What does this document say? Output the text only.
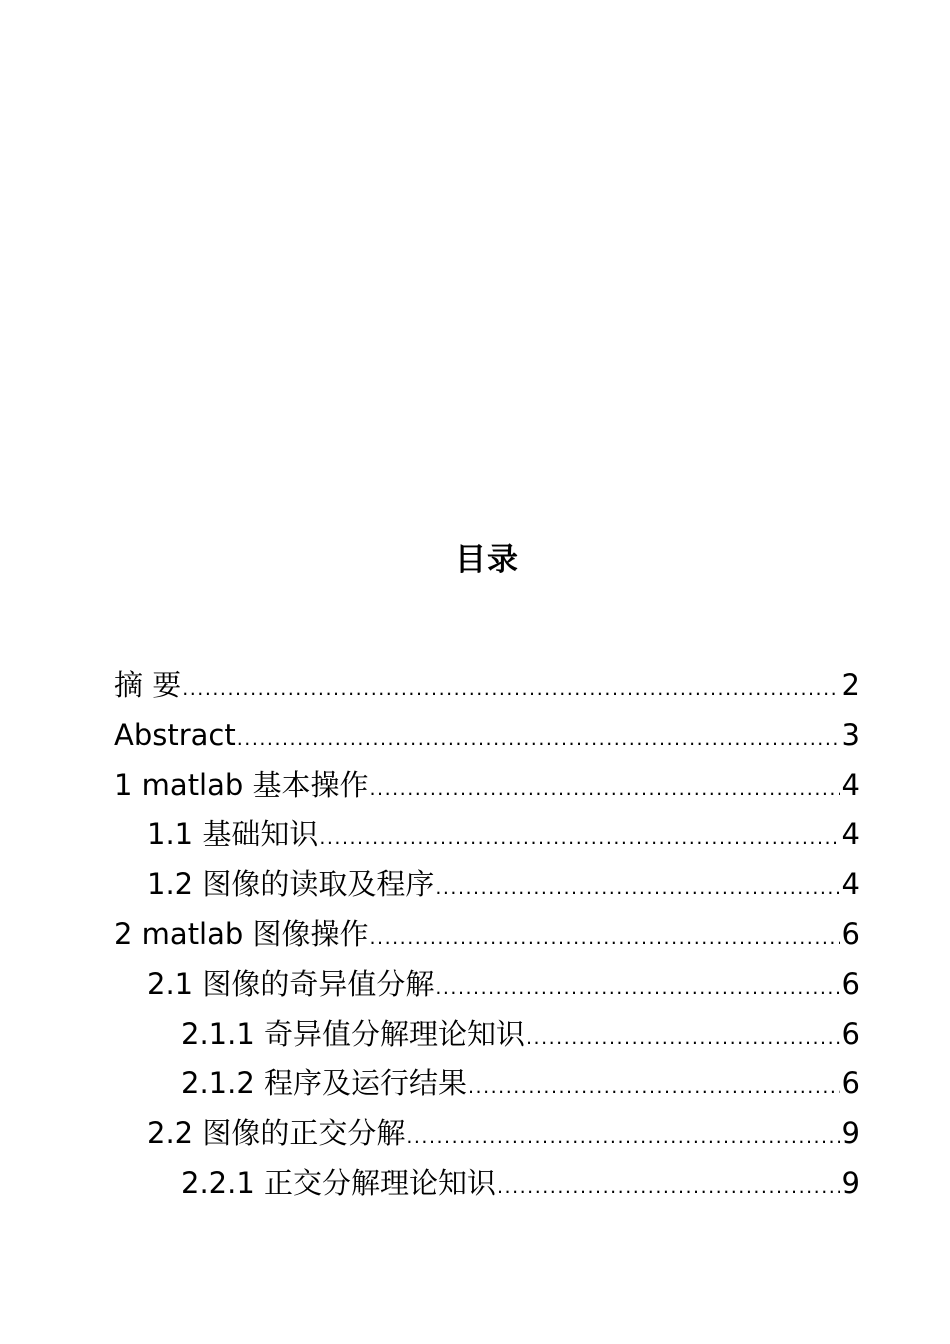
目录
摘 要 .....	2
Abstract .....	3
1 matlab 基本操作 .....	4
1.1 基础知识 .....	4
1.2 图像的读取及程序 .....	4
2 matlab 图像操作 .....	6
2.1 图像的奇异值分解 .....	6
2.1.1 奇异值分解理论知识 .....	6
2.1.2 程序及运行结果 .....	6
2.2 图像的正交分解 .....	9
2.2.1 正交分解理论知识 .....	9
